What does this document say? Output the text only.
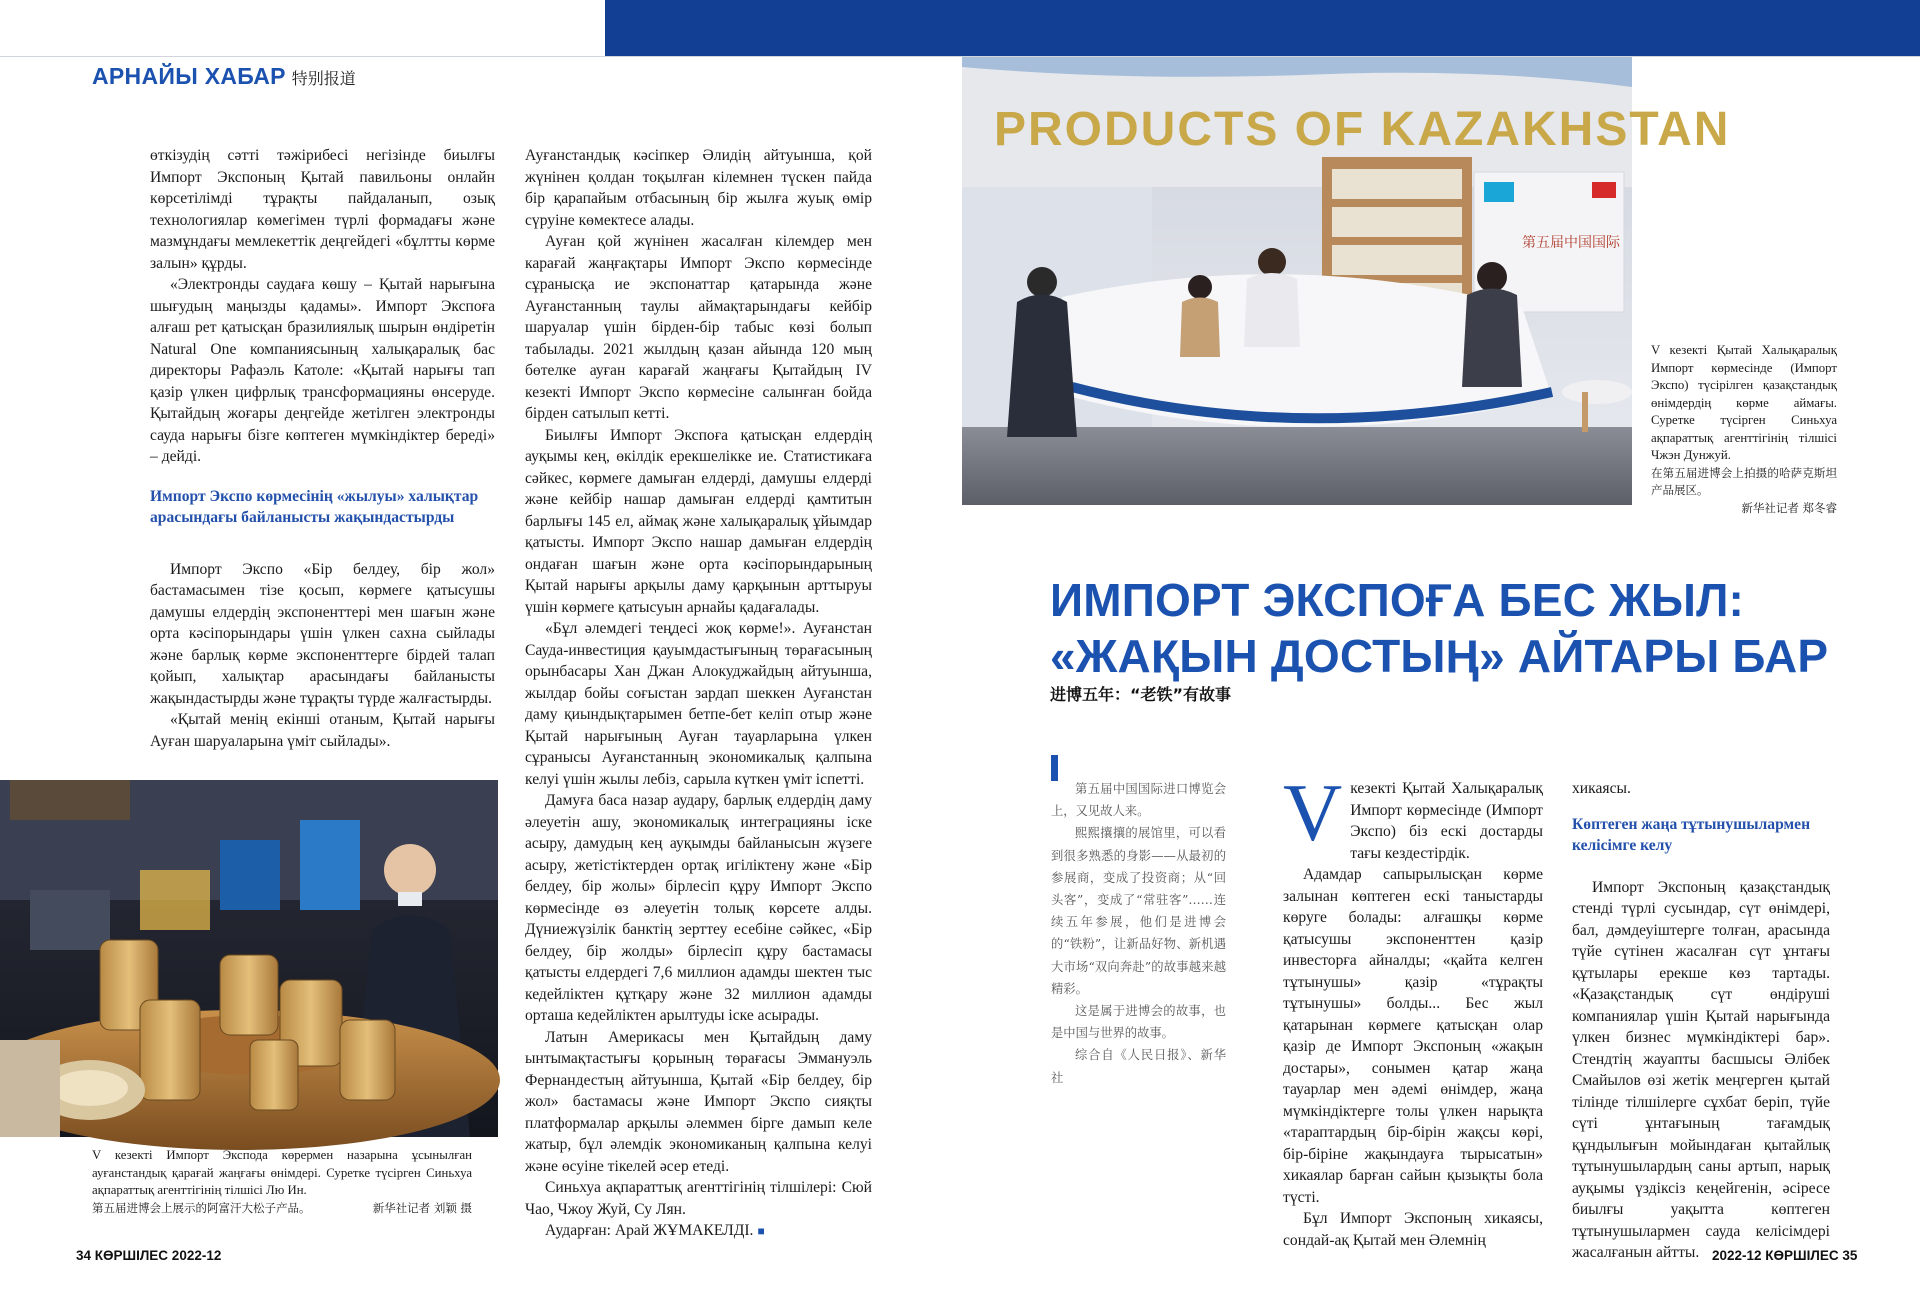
АРНАЙЫ ХАБАР 特别报道

өткізудің сәтті тәжірибесі негізінде биылғы Импорт Экспоның Қытай павильоны онлайн көрсетілімді тұрақты пайдаланып, озық технологиялар көмегімен түрлі формадағы және мазмұндағы мемлекеттік деңгейдегі «бұлтты көрме залын» құрды.

«Электронды саудаға көшу – Қытай нарығына шығудың маңызды қадамы». Импорт Экспоға алғаш рет қатысқан бразилиялық шырын өндіретін Natural One компаниясының халықаралық бас директоры Рафаэль Католе: «Қытай нарығы тап қазір үлкен цифрлық трансформацияны өнсеруде. Қытайдың жоғары деңгейде жетілген электронды сауда нарығы бізге көптеген мүмкіндіктер береді» – дейді.

Импорт Экспо көрмесінің «жылуы» халықтар арасындағы байланысты жақындастырды

Импорт Экспо «Бір белдеу, бір жол» бастамасымен тізе қосып, көрмеге қатысушы дамушы елдердің экспоненттері мен шағын және орта кәсіпорындары үшін үлкен сахна сыйлады және барлық көрме экспоненттерге бірдей талап қойып, халықтар арасындағы байланысты жақындастырды және тұрақты түрде жалғастырды.

«Қытай менің екінші отаным, Қытай нарығы Ауған шаруаларына үміт сыйлады».

Ауғанстандық кәсіпкер Әлидің айтуынша, қой жүнінен қолдан тоқылған кілемнен түскен пайда бір қарапайым отбасының бір жылға жуық өмір сүруіне көмектесе алады.

Ауған қой жүнінен жасалған кілемдер мен карағай жаңғақтары Импорт Экспо көрмесінде сұранысқа ие экспонаттар қатарында және Ауғанстанның таулы аймақтарындағы кейбір шаруалар үшін бірден-бір табыс көзі болып табылады. 2021 жылдың қазан айында 120 мың бөтелке ауған карағай жаңғағы Қытайдың IV кезекті Импорт Экспо көрмесіне салынған бойда бірден сатылып кетті.

Биылғы Импорт Экспоға қатысқан елдердің ауқымы кең, өкілдік ерекшелікке ие. Статистикаға сәйкес, көрмеге дамыған елдерді, дамушы елдерді және кейбір нашар дамыған елдерді қамтитын барлығы 145 ел, аймақ және халықаралық ұйымдар қатысты. Импорт Экспо нашар дамыған елдердің ондаған шағын және орта кәсіпорындарының Қытай нарығы арқылы даму қарқынын арттыруы үшін көрмеге қатысуын арнайы қадағалады.

«Бұл әлемдегі теңдесі жоқ көрме!». Ауғанстан Сауда-инвестиция қауымдастығының төрағасының орынбасары Хан Джан Алокуджайдың айтуынша, жылдар бойы соғыстан зардап шеккен Ауғанстан даму қиындықтарымен бетпе-бет келіп отыр және Қытай нарығының Ауған тауарларына үлкен сұранысы Ауғанстанның экономикалық қалпына келуі үшін жылы лебіз, сарыла күткен үміт іспетті.

Дамуға баса назар аудару, барлық елдердің даму әлеуетін ашу, экономикалық интеграцияны іске асыру, дамудың кең ауқымды байланысын жүзеге асыру, жетістіктерден ортақ игіліктену және «Бір белдеу, бір жолы» бірлесіп құру Импорт Экспо көрмесінде өз әлеуетін толық көрсете алды. Дүниежүзілік банктің зерттеу есебіне сәйкес, «Бір белдеу, бір жолды» бірлесіп құру бастамасы қатысты елдердегі 7,6 миллион адамды шектен тыс кедейліктен құтқару және 32 миллион адамды орташа кедейліктен арылтуды іске асырады.

Латын Америкасы мен Қытайдың даму ынтымақтастығы қорының төрағасы Эммануэль Фернандестың айтуынша, Қытай «Бір белдеу, бір жол» бастамасы және Импорт Экспо сияқты платформалар арқылы әлеммен бірге дамып келе жатыр, бұл әлемдік экономиканың қалпына келуі және өсуіне тікелей әсер етеді.

Синьхуа ақпараттық агенттігінің тілшілері: Сюй Чао, Чжоу Жуй, Су Лян.

Аударған: Арай ЖҰМАКЕЛДІ. ■

V кезекті Импорт Экспода көрермен назарына ұсынылған ауғанстандық қарағай жаңғағы өнімдері. Суретке түсірген Синьхуа ақпараттық агенттігінің тілшісі Лю Ин.
第五届进博会上展示的阿富汗大松子产品。	新华社记者 刘颖 摄
PRODUCTS OF KAZAKHSTAN
第五届中国国际
V кезекті Қытай Халықаралық Импорт көрмесінде (Импорт Экспо) түсірілген қазақстандық өнімдердің көрме аймағы. Суретке түсірген Синьхуа ақпараттық агенттігінің тілшісі Чжэн Дунжуй.
在第五届进博会上拍摄的哈萨克斯坦产品展区。
新华社记者 郑冬睿
ИМПОРТ ЭКСПОҒА БЕС ЖЫЛ:
«ЖАҚЫН ДОСТЫҢ» АЙТАРЫ БАР
进博五年：“老铁”有故事

第五届中国国际进口博览会上，又见故人来。

熙熙攘攘的展馆里，可以看到很多熟悉的身影——从最初的参展商，变成了投资商；从“回头客”，变成了“常驻客”……连续五年参展，他们是进博会的“铁粉”，让新品好物、新机遇大市场“双向奔赴”的故事越来越精彩。

这是属于进博会的故事，也是中国与世界的故事。

综合自《人民日报》、新华社

Vкезекті Қытай Халықаралық Импорт көрмесінде (Импорт Экспо) біз ескі достарды тағы кездестірдік.

Адамдар сапырылысқан көрме залынан көптеген ескі таныстарды көруге болады: алғашқы көрме қатысушы экспоненттен қазір инвесторға айналды; «қайта келген тұтынушы» қазір «тұрақты тұтынушы» болды... Бес жыл қатарынан көрмеге қатысқан олар қазір де Импорт Экспоның «жақын достары», сонымен қатар жаңа тауарлар мен әдемі өнімдер, жаңа мүмкіндіктерге толы үлкен нарықта «тараптардың бір-бірін жақсы көрі, бір-біріне жақындауға тырысатын» хикаялар барған сайын қызықты бола түсті.

Бұл Импорт Экспоның хикаясы, сондай-ақ Қытай мен Әлемнің

хикаясы.

Көптеген жаңа тұтынушылармен келісімге келу

Импорт Экспоның қазақстандық стенді түрлі сусындар, сүт өнімдері, бал, дәмдеуіштерге толған, арасында түйе сүтінен жасалған сүт ұнтағы құтылары ерекше көз тартады. «Қазақстандық сүт өндіруші компаниялар үшін Қытай нарығында үлкен бизнес мүмкіндіктері бар». Стендтің жауапты басшысы Әлібек Смайылов өзі жетік меңгерген қытай тілінде тілшілерге сұхбат беріп, түйе сүті ұнтағының тағамдық құндылығын мойындаған қытайлық тұтынушылардың саны артып, нарық ауқымы үздіксіз кеңейгенін, әсіресе биылғы уақытта көптеген тұтынушылармен сауда келісімдері жасалғанын айтты.

34 КӨРШІЛЕС 2022-12	2022-12 КӨРШІЛЕС 35
